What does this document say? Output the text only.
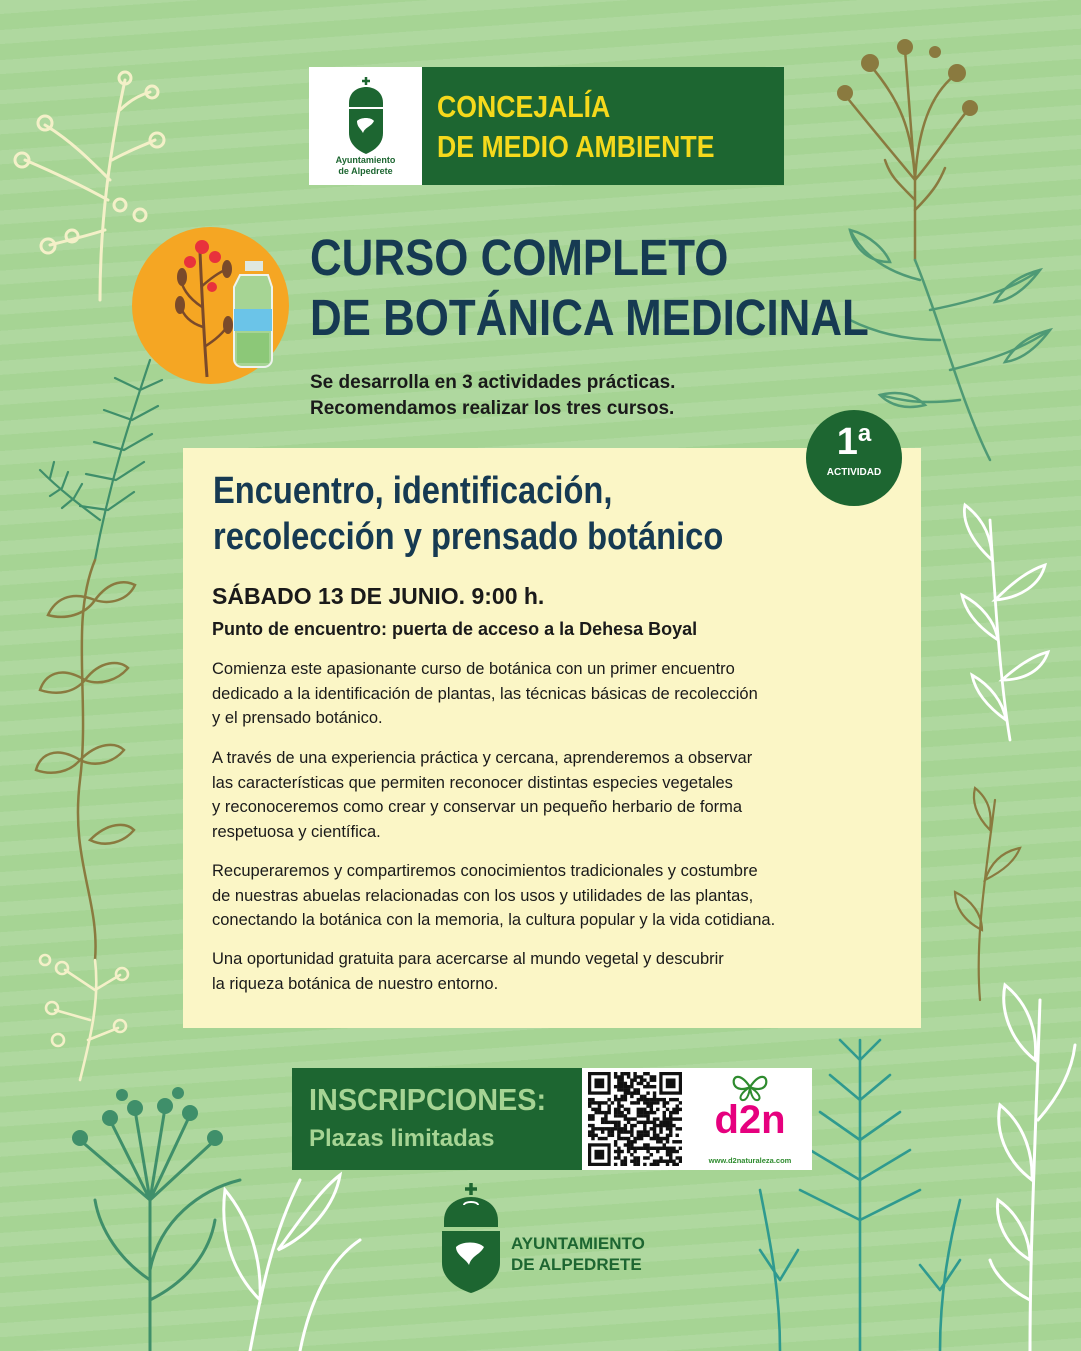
Ayuntamiento
de Alpedrete
CONCEJALÍA
DE MEDIO AMBIENTE
CURSO COMPLETO
DE BOTÁNICA MEDICINAL
Se desarrolla en 3 actividades prácticas.
Recomendamos realizar los tres cursos.
1$^a$
ACTIVIDAD
Encuentro, identificación,
recolección y prensado botánico
SÁBADO 13 DE JUNIO. 9:00 h.
Punto de encuentro: puerta de acceso a la Dehesa Boyal
Comienza este apasionante curso de botánica con un primer encuentro
dedicado a la identificación de plantas, las técnicas básicas de recolección
y el prensado botánico.
A través de una experiencia práctica y cercana, aprenderemos a observar
las características que permiten reconocer distintas especies vegetales
y reconoceremos como crear y conservar un pequeño herbario de forma
respetuosa y científica.
Recuperaremos y compartiremos conocimientos tradicionales y costumbre
de nuestras abuelas relacionadas con los usos y utilidades de las plantas,
conectando la botánica con la memoria, la cultura popular y la vida cotidiana.
Una oportunidad gratuita para acercarse al mundo vegetal y descubrir
la riqueza botánica de nuestro entorno.
INSCRIPCIONES:
Plazas limitadas	d2n
www.d2naturaleza.com
AYUNTAMIENTO
DE ALPEDRETE
